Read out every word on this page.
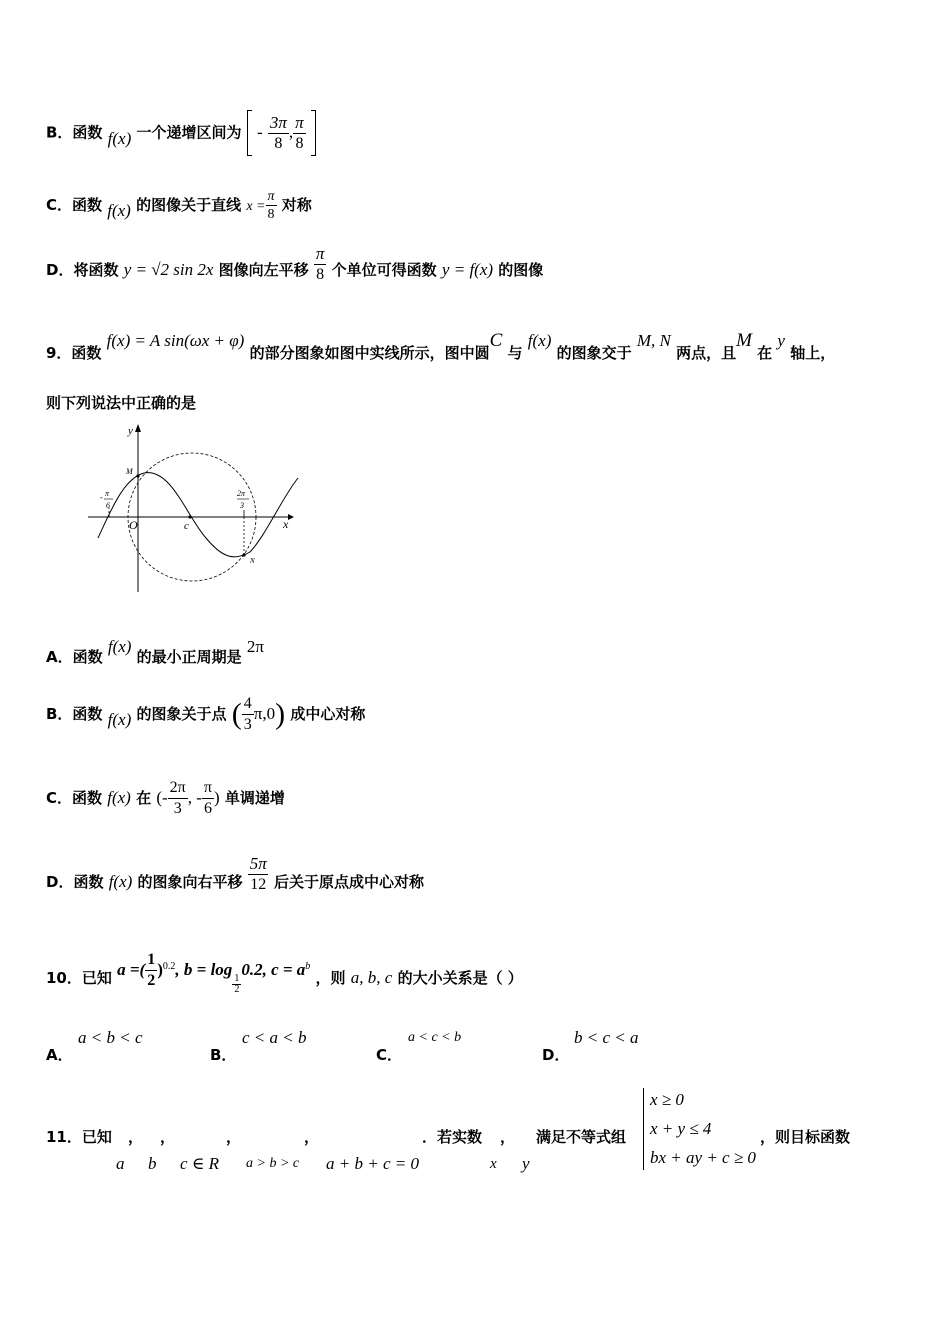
B．函数 f(x) 一个递增区间为 - $\frac{3\pi}{8}$ , $\frac{\pi}{8}$

C．函数 f(x) 的图像关于直线 $x = \frac{\pi}{8}$ 对称
D．将函数 y = √2 sin 2x 图像向左平移 $\frac{\pi}{8}$ 个单位可得函数 y = f(x) 的图像
9．函数 f(x) = A sin(ωx + φ) 的部分图象如图中实线所示，图中圆C 与 f(x) 的图象交于 M, N 两点，且M 在 y 轴上，
则下列说法中正确的是
y
x
O	c
M
N
- π
6
2π
3
A．函数 f(x) 的最小正周期是 2π
B．函数 f(x) 的图象关于点 ( $\frac{4}{3} \pi,0$) 成中心对称
C．函数 f(x) 在 (- $\frac{2\pi}{3}$ , - $\frac{\pi}{6}$ ) 单调递增
D．函数 f(x) 的图象向右平移 $\frac{5\pi}{12}$ 后关于原点成中心对称
10．已知 a =( $\frac{1}{2} )^{0.2}$, b = log
$\frac{1}{2}$
0.2, $c = a^b$ ，则 a, b, c 的大小关系是（ ）
A．
a < b < c
B．
c < a < b
C．
a < c < b
D．
b < c < a
11．已知 ， ，	，	，	．若实数 ， 满足不等式组	，则目标函数
a b c ∈ R a > b > c a + b + c = 0	x y
x ≥ 0
x + y ≤ 4
bx + ay + c ≥ 0
